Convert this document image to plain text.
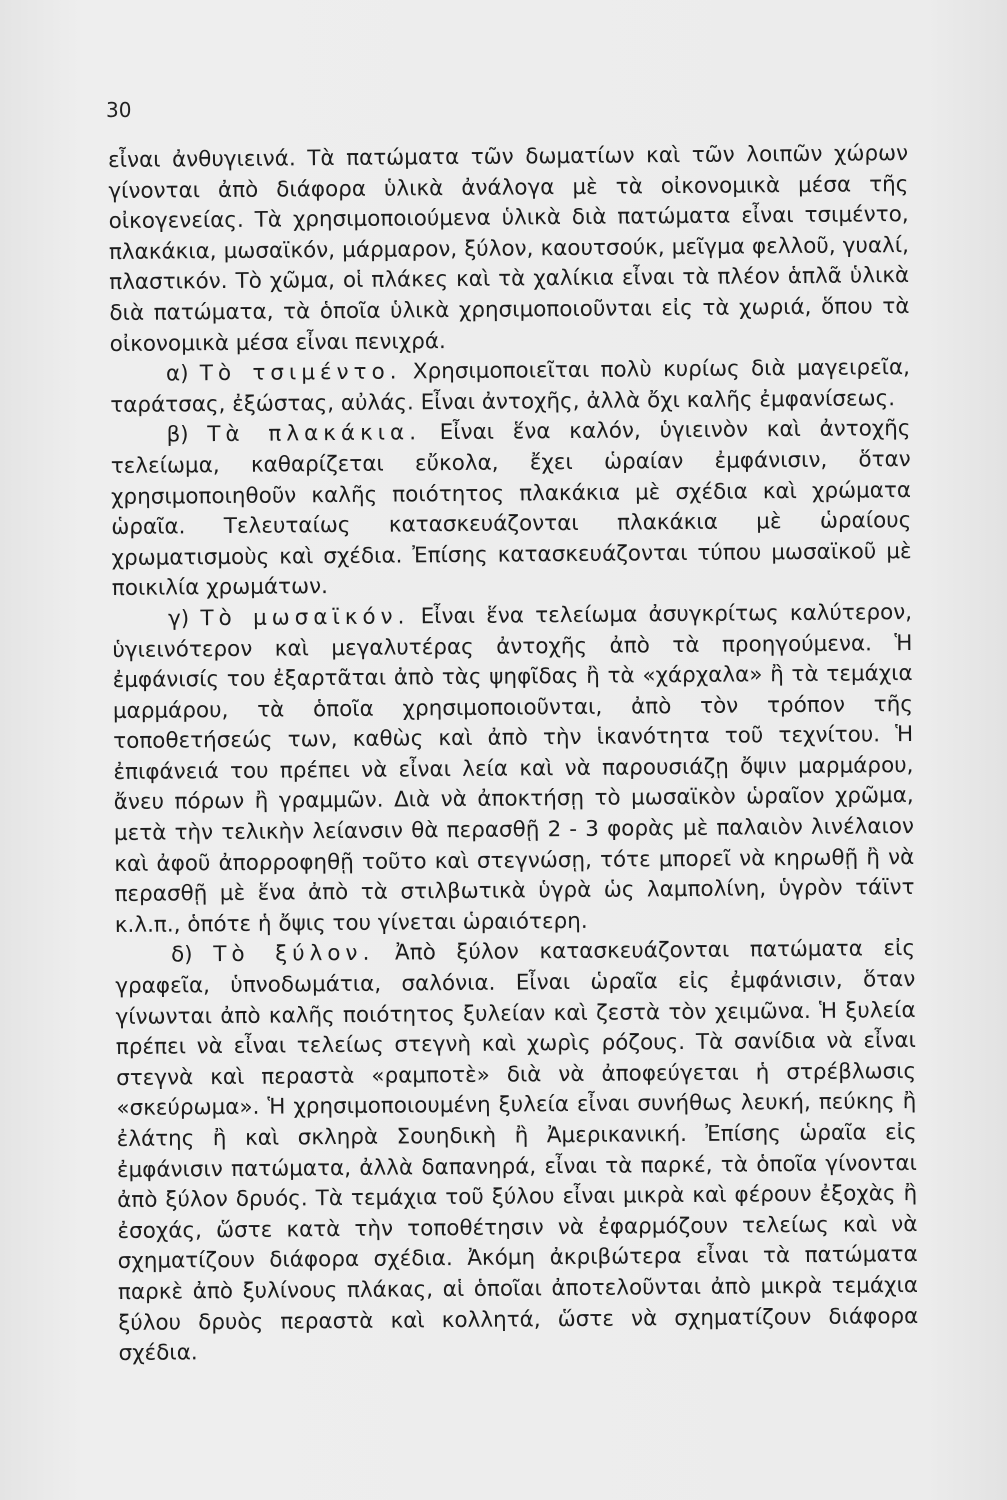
30

εἶναι ἀνθυγιεινά. Τὰ πατώματα τῶν δωματίων καὶ τῶν λοιπῶν χώρων γίνονται ἀπὸ διάφορα ὑλικὰ ἀνάλογα μὲ τὰ οἰκονομικὰ μέσα τῆς οἰκογενείας. Τὰ χρησιμοποιούμενα ὑλικὰ διὰ πατώματα εἶναι τσιμέντο, πλακάκια, μωσαϊκόν, μάρμαρον, ξύλον, καουτσούκ, μεῖγμα φελλοῦ, γυαλί, πλαστικόν. Τὸ χῶμα, οἱ πλάκες καὶ τὰ χαλίκια εἶναι τὰ πλέον ἁπλᾶ ὑλικὰ διὰ πατώματα, τὰ ὁποῖα ὑλικὰ χρησιμοποιοῦνται εἰς τὰ χωριά, ὅπου τὰ οἰκονομικὰ μέσα εἶναι πενιχρά.

α) Τὸ τσιμέντο. Χρησιμοποιεῖται πολὺ κυρίως διὰ μαγειρεῖα, ταράτσας, ἐξώστας, αὐλάς. Εἶναι ἀντοχῆς, ἀλλὰ ὄχι καλῆς ἐμφανίσεως.

β) Τὰ πλακάκια. Εἶναι ἕνα καλόν, ὑγιεινὸν καὶ ἀντοχῆς τελείωμα, καθαρίζεται εὔκολα, ἔχει ὡραίαν ἐμφάνισιν, ὅταν χρησιμοποιηθοῦν καλῆς ποιότητος πλακάκια μὲ σχέδια καὶ χρώματα ὡραῖα. Τελευταίως κατασκευάζονται πλακάκια μὲ ὡραίους χρωματισμοὺς καὶ σχέδια. Ἐπίσης κατασκευάζονται τύπου μωσαϊκοῦ μὲ ποικιλία χρωμάτων.

γ) Τὸ μωσαϊκόν. Εἶναι ἕνα τελείωμα ἀσυγκρίτως καλύτερον, ὑγιεινότερον καὶ μεγαλυτέρας ἀντοχῆς ἀπὸ τὰ προηγούμενα. Ἡ ἐμφάνισίς του ἐξαρτᾶται ἀπὸ τὰς ψηφῖδας ἢ τὰ «χάρχαλα» ἢ τὰ τεμάχια μαρμάρου, τὰ ὁποῖα χρησιμοποιοῦνται, ἀπὸ τὸν τρόπον τῆς τοποθετήσεώς των, καθὼς καὶ ἀπὸ τὴν ἱκανότητα τοῦ τεχνίτου. Ἡ ἐπιφάνειά του πρέπει νὰ εἶναι λεία καὶ νὰ παρουσιάζῃ ὄψιν μαρμάρου, ἄνευ πόρων ἢ γραμμῶν. Διὰ νὰ ἀποκτήσῃ τὸ μωσαϊκὸν ὡραῖον χρῶμα, μετὰ τὴν τελικὴν λείανσιν θὰ περασθῇ 2 - 3 φορὰς μὲ παλαιὸν λινέλαιον καὶ ἀφοῦ ἀπορροφηθῇ τοῦτο καὶ στεγνώσῃ, τότε μπορεῖ νὰ κηρωθῇ ἢ νὰ περασθῇ μὲ ἕνα ἀπὸ τὰ στιλβωτικὰ ὑγρὰ ὡς λαμπολίνη, ὑγρὸν τάϊντ κ.λ.π., ὁπότε ἡ ὄψις του γίνεται ὡραιότερη.

δ) Τὸ ξύλον. Ἀπὸ ξύλον κατασκευάζονται πατώματα εἰς γραφεῖα, ὑπνοδωμάτια, σαλόνια. Εἶναι ὡραῖα εἰς ἐμφάνισιν, ὅταν γίνωνται ἀπὸ καλῆς ποιότητος ξυλείαν καὶ ζεστὰ τὸν χειμῶνα. Ἡ ξυλεία πρέπει νὰ εἶναι τελείως στεγνὴ καὶ χωρὶς ρόζους. Τὰ σανίδια νὰ εἶναι στεγνὰ καὶ περαστὰ «ραμποτὲ» διὰ νὰ ἀποφεύγεται ἡ στρέβλωσις «σκεύρωμα». Ἡ χρησιμοποιουμένη ξυλεία εἶναι συνήθως λευκή, πεύκης ἢ ἐλάτης ἢ καὶ σκληρὰ Σουηδικὴ ἢ Ἀμερικανική. Ἐπίσης ὡραῖα εἰς ἐμφάνισιν πατώματα, ἀλλὰ δαπανηρά, εἶναι τὰ παρκέ, τὰ ὁποῖα γίνονται ἀπὸ ξύλον δρυός. Τὰ τεμάχια τοῦ ξύλου εἶναι μικρὰ καὶ φέρουν ἐξοχὰς ἢ ἐσοχάς, ὥστε κατὰ τὴν τοποθέτησιν νὰ ἐφαρμόζουν τελείως καὶ νὰ σχηματίζουν διάφορα σχέδια. Ἀκόμη ἀκριβώτερα εἶναι τὰ πατώματα παρκὲ ἀπὸ ξυλίνους πλάκας, αἱ ὁποῖαι ἀποτελοῦνται ἀπὸ μικρὰ τεμάχια ξύλου δρυὸς περαστὰ καὶ κολλητά, ὥστε νὰ σχηματίζουν διάφορα σχέδια.
